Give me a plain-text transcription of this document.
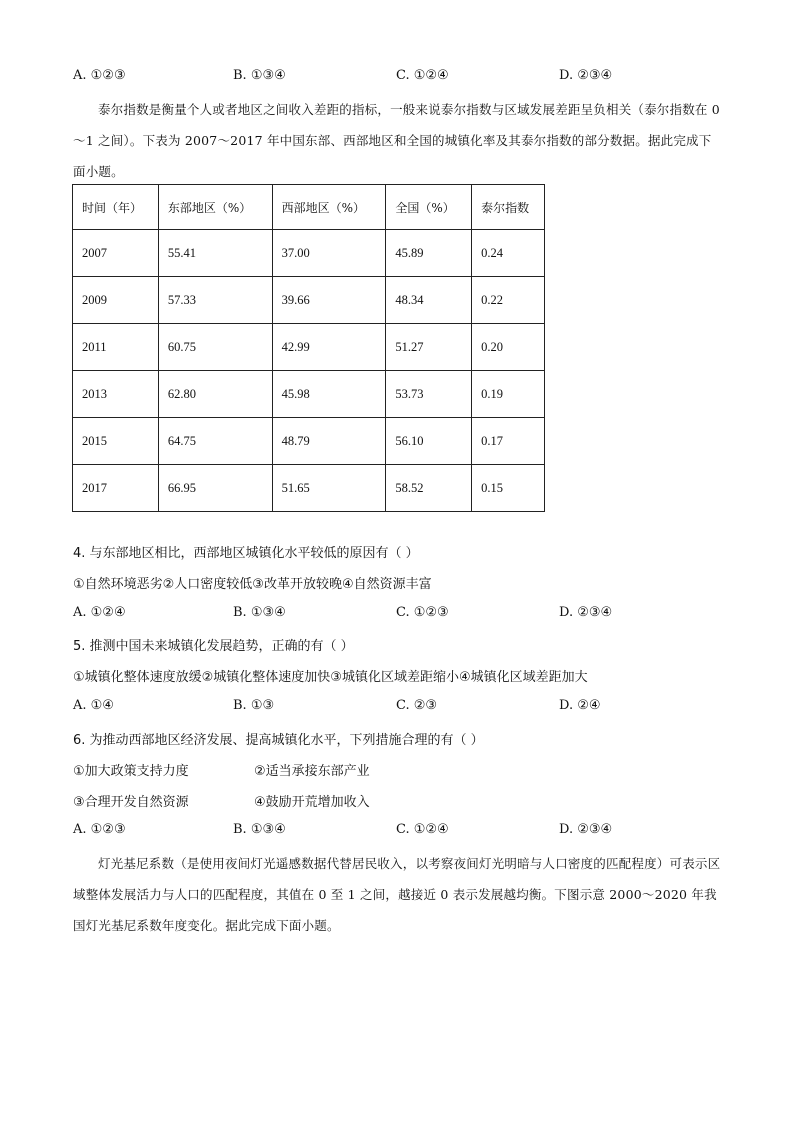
A. ①②③	B. ①③④	C. ①②④	D. ②③④
泰尔指数是衡量个人或者地区之间收入差距的指标，一般来说泰尔指数与区域发展差距呈负相关（泰尔指数在 0～1 之间）。下表为 2007～2017 年中国东部、西部地区和全国的城镇化率及其泰尔指数的部分数据。据此完成下面小题。
时间（年）	东部地区（%）	西部地区（%）	全国（%）	泰尔指数
2007	55.41	37.00	45.89	0.24
2009	57.33	39.66	48.34	0.22
2011	60.75	42.99	51.27	0.20
2013	62.80	45.98	53.73	0.19
2015	64.75	48.79	56.10	0.17
2017	66.95	51.65	58.52	0.15
4. 与东部地区相比，西部地区城镇化水平较低的原因有（ ）
①自然环境恶劣②人口密度较低③改革开放较晚④自然资源丰富
A. ①②④	B. ①③④	C. ①②③	D. ②③④
5. 推测中国未来城镇化发展趋势，正确的有（ ）
①城镇化整体速度放缓②城镇化整体速度加快③城镇化区域差距缩小④城镇化区域差距加大
A. ①④	B. ①③	C. ②③	D. ②④
6. 为推动西部地区经济发展、提高城镇化水平，下列措施合理的有（ ）
①加大政策支持力度	②适当承接东部产业
③合理开发自然资源	④鼓励开荒增加收入
A. ①②③	B. ①③④	C. ①②④	D. ②③④
灯光基尼系数（是使用夜间灯光遥感数据代替居民收入，以考察夜间灯光明暗与人口密度的匹配程度）可表示区域整体发展活力与人口的匹配程度，其值在 0 至 1 之间，越接近 0 表示发展越均衡。下图示意 2000～2020 年我国灯光基尼系数年度变化。据此完成下面小题。
